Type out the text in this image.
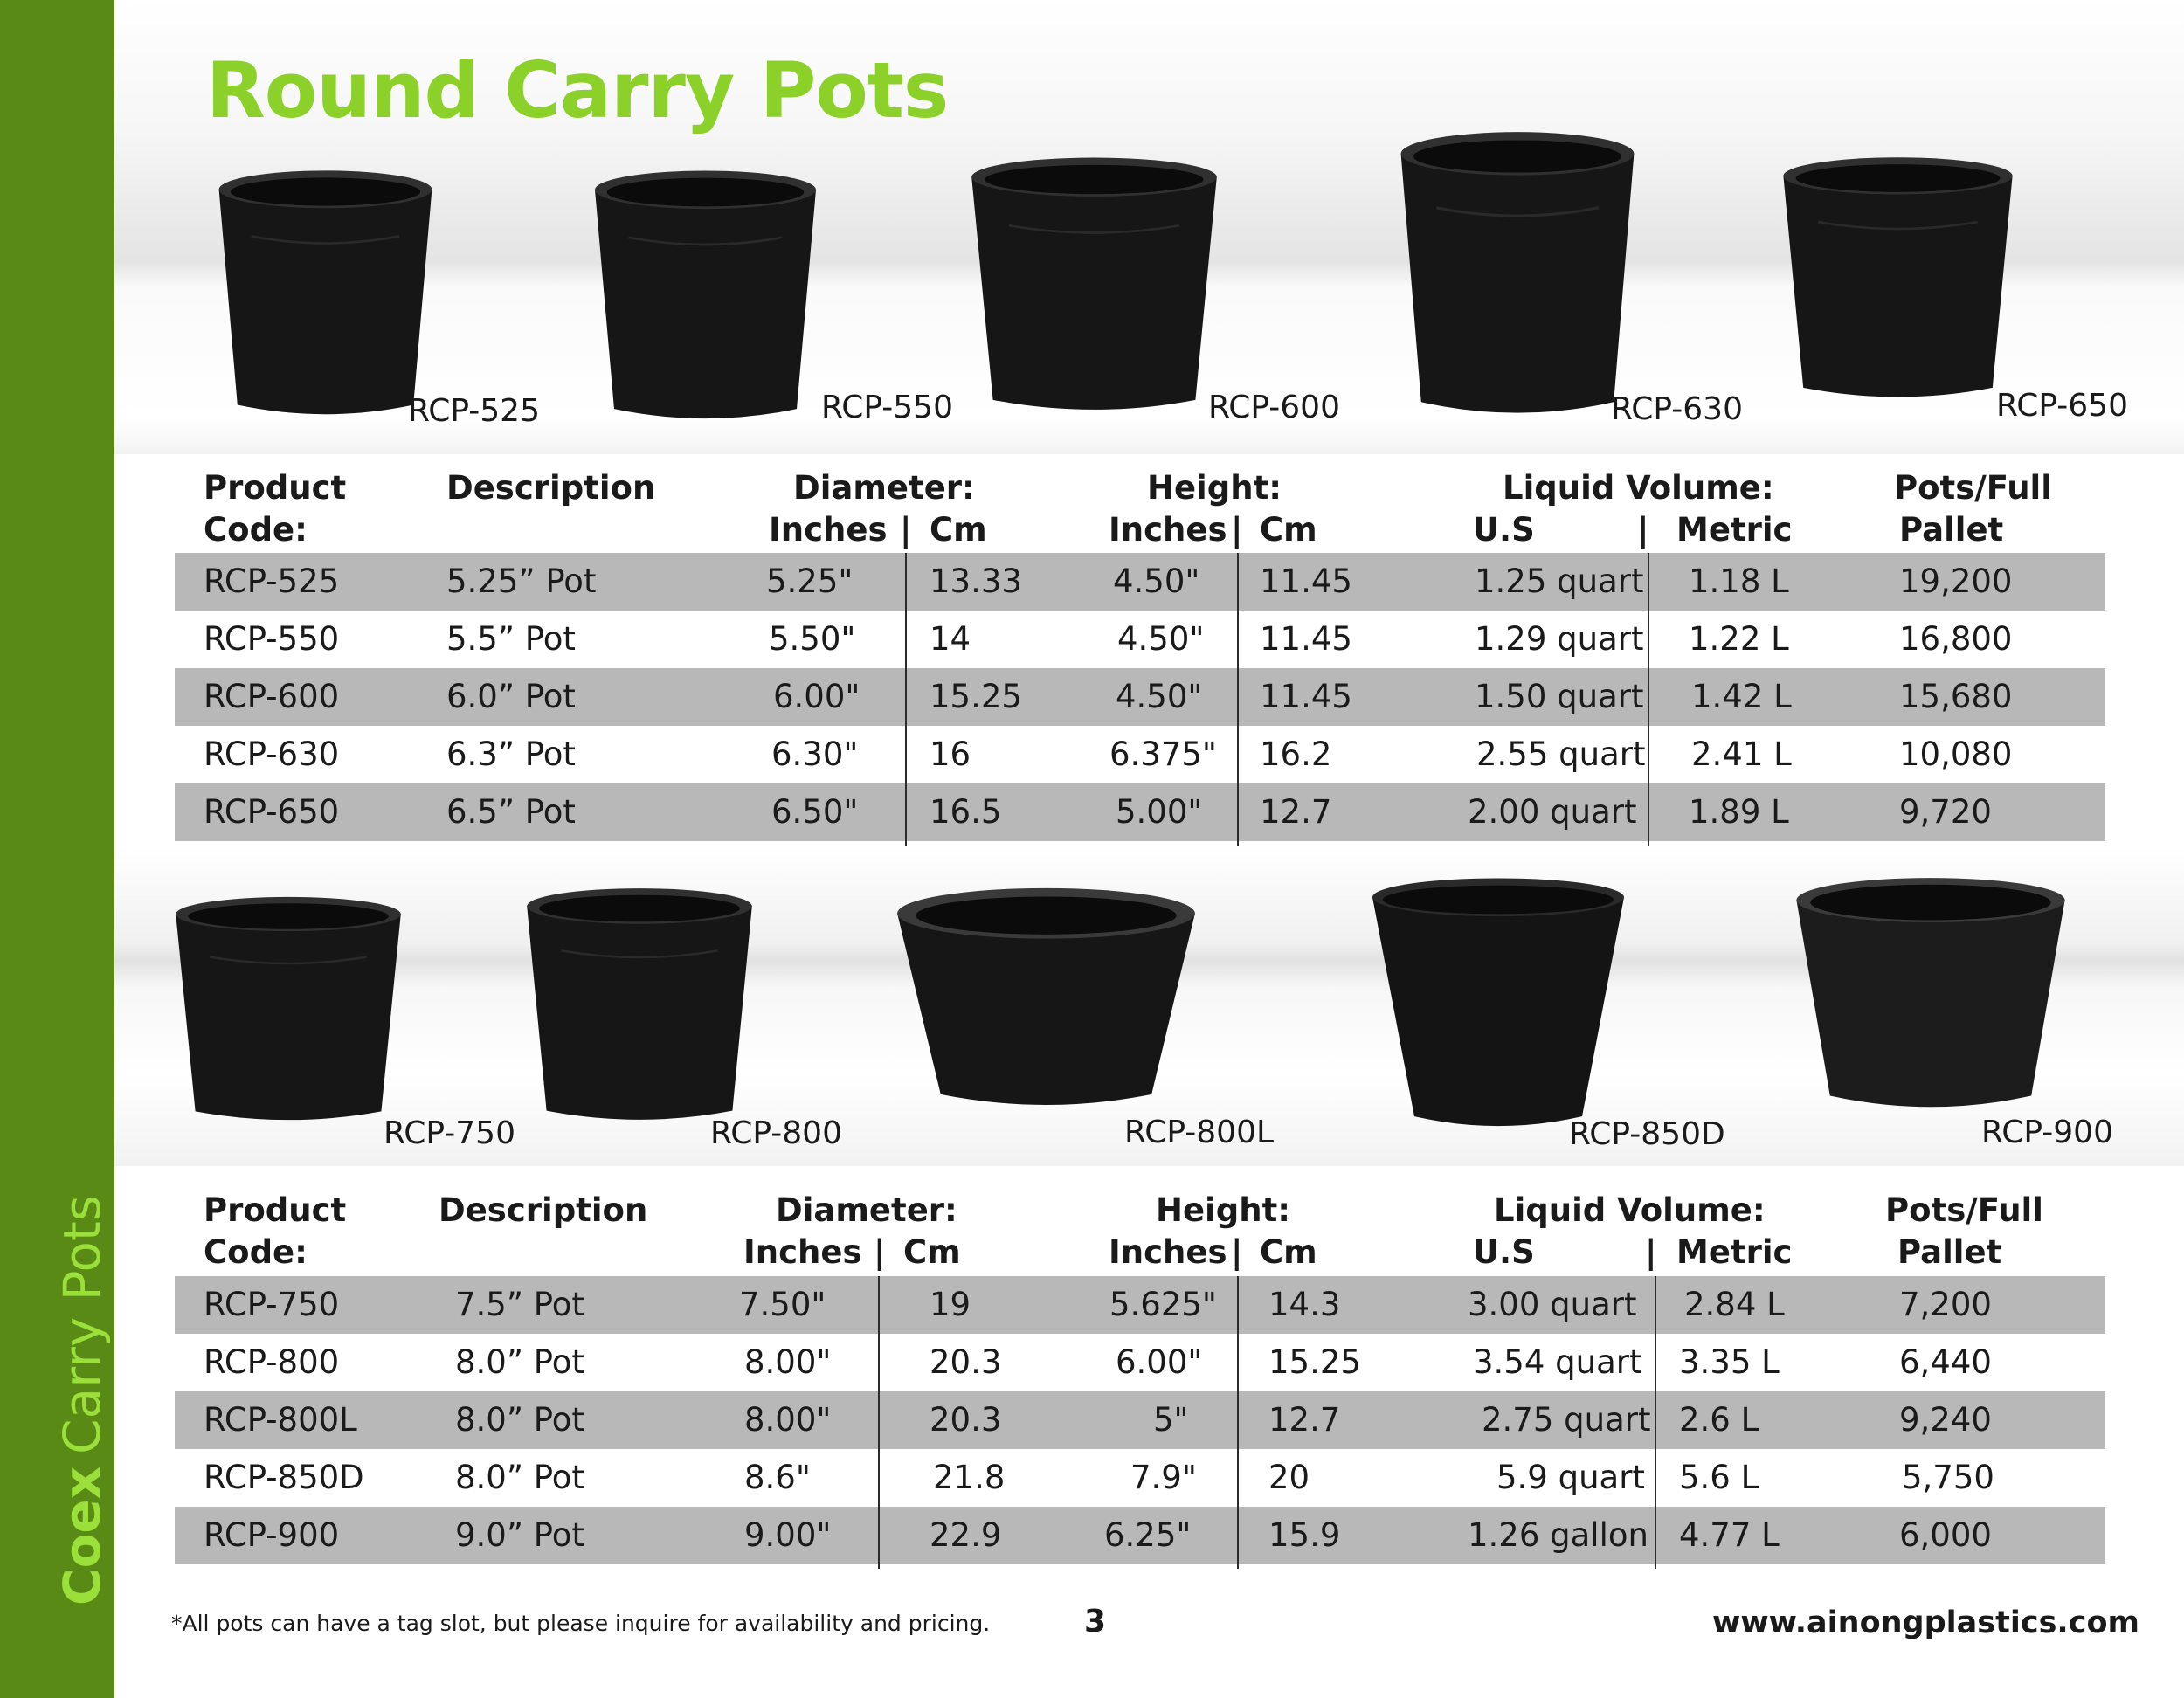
Coex
Carry Pots
Round Carry Pots
RCP-525	RCP-550	RCP-600	RCP-630	RCP-650
Product
Code:
Description	Diameter:
Inches | Cm
Height:
Inches | Cm
Liquid Volume:
U.S	| Metric
Pots/Full
Pallet
RCP-525	5.25” Pot	5.25" 13.33	4.50" 11.45	1.25 quart 1.18 L	19,200
RCP-550	5.5” Pot	5.50" 14	4.50" 11.45	1.29 quart 1.22 L	16,800
RCP-600	6.0” Pot	6.00" 15.25	4.50" 11.45	1.50 quart 1.42 L	15,680
RCP-630	6.3” Pot	6.30" 16	6.375" 16.2	2.55 quart 2.41 L	10,080
RCP-650	6.5” Pot	6.50" 16.5	5.00" 12.7	2.00 quart 1.89 L	9,720
RCP-750	RCP-800	RCP-800L	RCP-850D	RCP-900
Product
Code:
Description	Diameter:
Inches | Cm
Height:
Inches | Cm
Liquid Volume:
U.S	| Metric
Pots/Full
Pallet
RCP-750	7.5” Pot	7.50"	19	5.625" 14.3	3.00 quart 2.84 L	7,200
RCP-800	8.0” Pot	8.00"	20.3	6.00" 15.25	3.54 quart 3.35 L	6,440
RCP-800L	8.0” Pot	8.00"	20.3	5" 12.7	2.75 quart 2.6 L	9,240
RCP-850D	8.0” Pot	8.6"	21.8	7.9" 20	5.9 quart 5.6 L	5,750
RCP-900	9.0” Pot	9.00"	22.9	6.25" 15.9	1.26 gallon 4.77 L	6,000
*All pots can have a tag slot, but please inquire for availability and pricing.	3	www.ainongplastics.com
